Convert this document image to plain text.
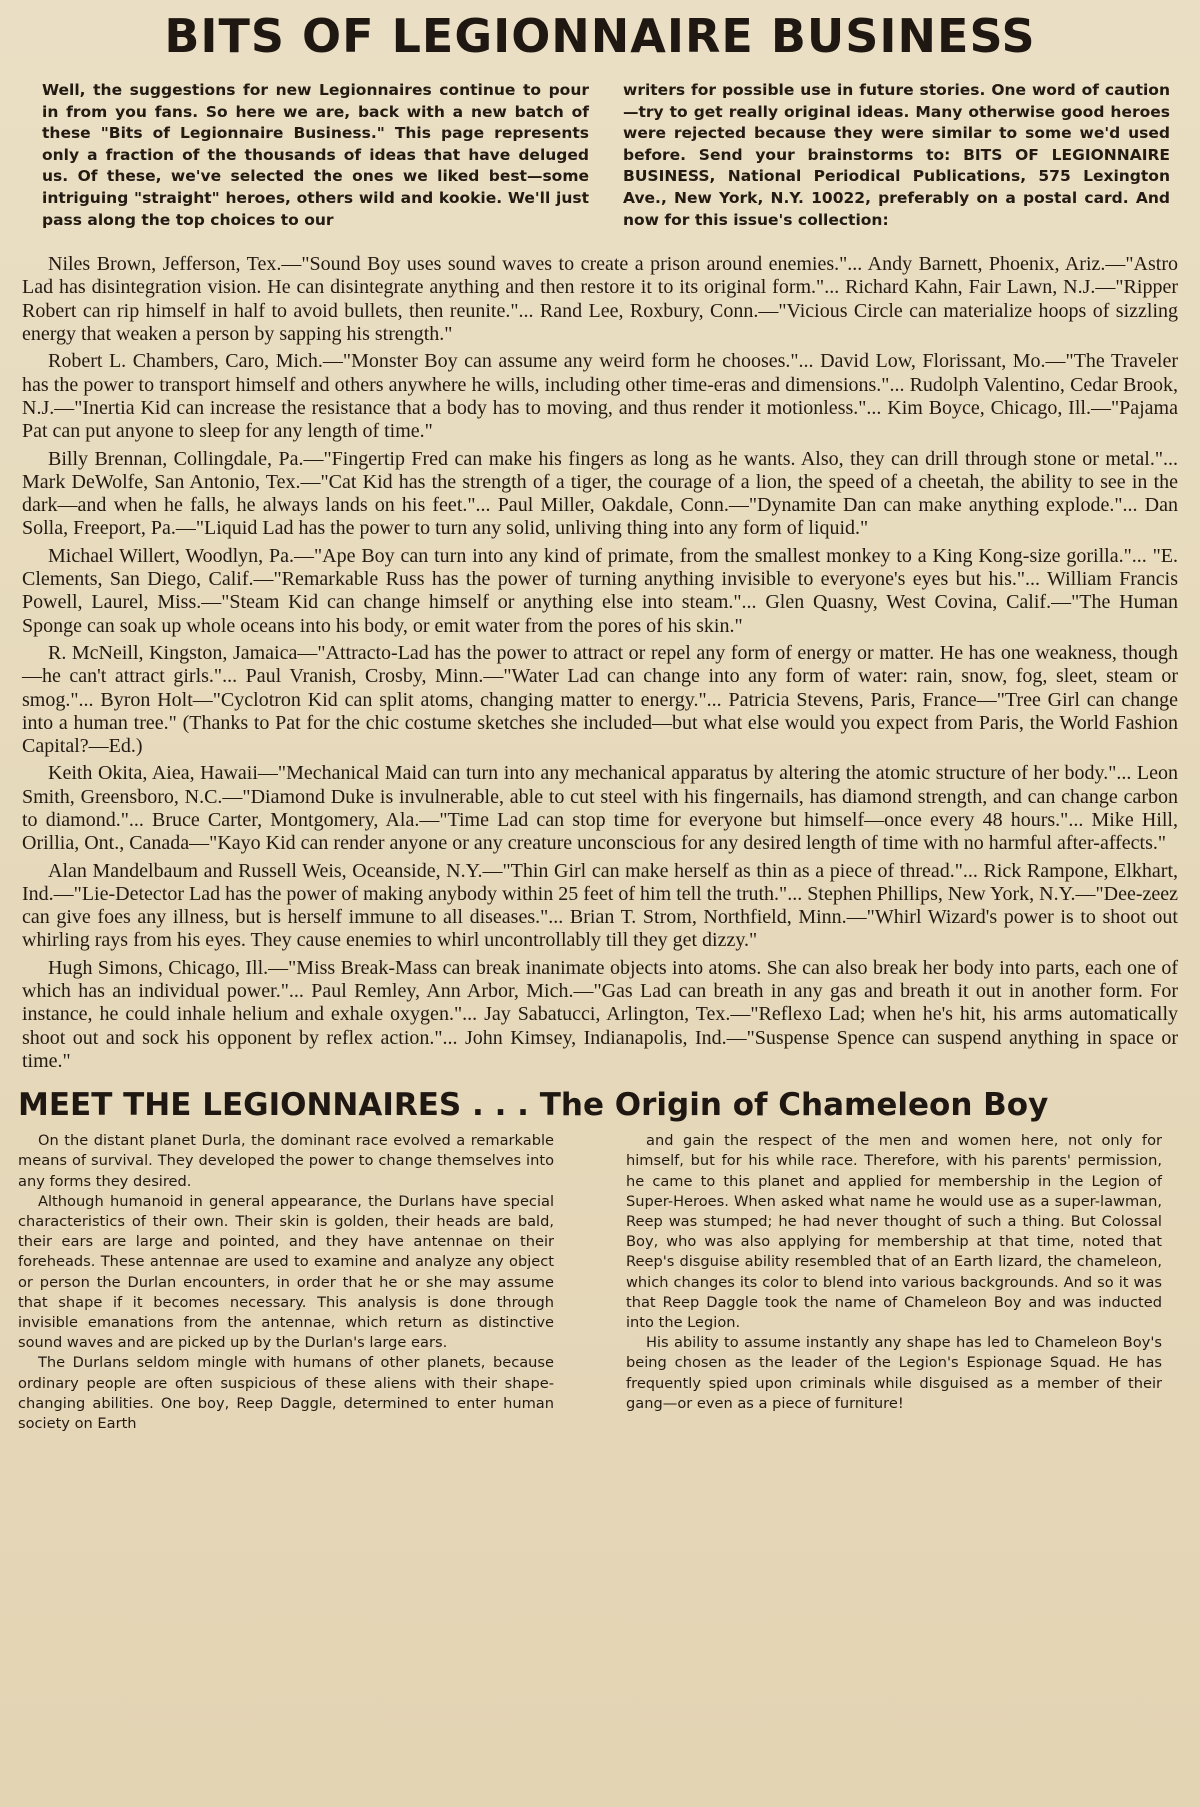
BITS OF LEGIONNAIRE BUSINESS

Well, the suggestions for new Legionnaires continue to pour in from you fans. So here we are, back with a new batch of these "Bits of Legionnaire Business." This page represents only a fraction of the thousands of ideas that have deluged us. Of these, we've selected the ones we liked best—some intriguing "straight" heroes, others wild and kookie. We'll just pass along the top choices to our

writers for possible use in future stories. One word of caution—try to get really original ideas. Many otherwise good heroes were rejected because they were similar to some we'd used before. Send your brainstorms to: BITS OF LEGIONNAIRE BUSINESS, National Periodical Publications, 575 Lexington Ave., New York, N.Y. 10022, preferably on a postal card. And now for this issue's collection:

Niles Brown, Jefferson, Tex.—"Sound Boy uses sound waves to create a prison around enemies."... Andy Barnett, Phoenix, Ariz.—"Astro Lad has disintegration vision. He can disintegrate anything and then restore it to its original form."... Richard Kahn, Fair Lawn, N.J.—"Ripper Robert can rip himself in half to avoid bullets, then reunite."... Rand Lee, Roxbury, Conn.—"Vicious Circle can materialize hoops of sizzling energy that weaken a person by sapping his strength."

Robert L. Chambers, Caro, Mich.—"Monster Boy can assume any weird form he chooses."... David Low, Florissant, Mo.—"The Traveler has the power to transport himself and others anywhere he wills, including other time-eras and dimensions."... Rudolph Valentino, Cedar Brook, N.J.—"Inertia Kid can increase the resistance that a body has to moving, and thus render it motionless."... Kim Boyce, Chicago, Ill.—"Pajama Pat can put anyone to sleep for any length of time."

Billy Brennan, Collingdale, Pa.—"Fingertip Fred can make his fingers as long as he wants. Also, they can drill through stone or metal."... Mark DeWolfe, San Antonio, Tex.—"Cat Kid has the strength of a tiger, the courage of a lion, the speed of a cheetah, the ability to see in the dark—and when he falls, he always lands on his feet."... Paul Miller, Oakdale, Conn.—"Dynamite Dan can make anything explode."... Dan Solla, Freeport, Pa.—"Liquid Lad has the power to turn any solid, unliving thing into any form of liquid."

Michael Willert, Woodlyn, Pa.—"Ape Boy can turn into any kind of primate, from the smallest monkey to a King Kong-size gorilla."... "E. Clements, San Diego, Calif.—"Remarkable Russ has the power of turning anything invisible to everyone's eyes but his."... William Francis Powell, Laurel, Miss.—"Steam Kid can change himself or anything else into steam."... Glen Quasny, West Covina, Calif.—"The Human Sponge can soak up whole oceans into his body, or emit water from the pores of his skin."

R. McNeill, Kingston, Jamaica—"Attracto-Lad has the power to attract or repel any form of energy or matter. He has one weakness, though—he can't attract girls."... Paul Vranish, Crosby, Minn.—"Water Lad can change into any form of water: rain, snow, fog, sleet, steam or smog."... Byron Holt—"Cyclotron Kid can split atoms, changing matter to energy."... Patricia Stevens, Paris, France—"Tree Girl can change into a human tree." (Thanks to Pat for the chic costume sketches she included—but what else would you expect from Paris, the World Fashion Capital?—Ed.)

Keith Okita, Aiea, Hawaii—"Mechanical Maid can turn into any mechanical apparatus by altering the atomic structure of her body."... Leon Smith, Greensboro, N.C.—"Diamond Duke is invulnerable, able to cut steel with his fingernails, has diamond strength, and can change carbon to diamond."... Bruce Carter, Montgomery, Ala.—"Time Lad can stop time for everyone but himself—once every 48 hours."... Mike Hill, Orillia, Ont., Canada—"Kayo Kid can render anyone or any creature unconscious for any desired length of time with no harmful after-affects."

Alan Mandelbaum and Russell Weis, Oceanside, N.Y.—"Thin Girl can make herself as thin as a piece of thread."... Rick Rampone, Elkhart, Ind.—"Lie-Detector Lad has the power of making anybody within 25 feet of him tell the truth."... Stephen Phillips, New York, N.Y.—"Dee-zeez can give foes any illness, but is herself immune to all diseases."... Brian T. Strom, Northfield, Minn.—"Whirl Wizard's power is to shoot out whirling rays from his eyes. They cause enemies to whirl uncontrollably till they get dizzy."

Hugh Simons, Chicago, Ill.—"Miss Break-Mass can break inanimate objects into atoms. She can also break her body into parts, each one of which has an individual power."... Paul Remley, Ann Arbor, Mich.—"Gas Lad can breath in any gas and breath it out in another form. For instance, he could inhale helium and exhale oxygen."... Jay Sabatucci, Arlington, Tex.—"Reflexo Lad; when he's hit, his arms automatically shoot out and sock his opponent by reflex action."... John Kimsey, Indianapolis, Ind.—"Suspense Spence can suspend anything in space or time."

MEET THE LEGIONNAIRES . . . The Origin of Chameleon Boy

On the distant planet Durla, the dominant race evolved a remarkable means of survival. They developed the power to change themselves into any forms they desired.

Although humanoid in general appearance, the Durlans have special characteristics of their own. Their skin is golden, their heads are bald, their ears are large and pointed, and they have antennae on their foreheads. These antennae are used to examine and analyze any object or person the Durlan encounters, in order that he or she may assume that shape if it becomes necessary. This analysis is done through invisible emanations from the antennae, which return as distinctive sound waves and are picked up by the Durlan's large ears.

The Durlans seldom mingle with humans of other planets, because ordinary people are often suspicious of these aliens with their shape-changing abilities. One boy, Reep Daggle, determined to enter human society on Earth

and gain the respect of the men and women here, not only for himself, but for his while race. Therefore, with his parents' permission, he came to this planet and applied for membership in the Legion of Super-Heroes. When asked what name he would use as a super-lawman, Reep was stumped; he had never thought of such a thing. But Colossal Boy, who was also applying for membership at that time, noted that Reep's disguise ability resembled that of an Earth lizard, the chameleon, which changes its color to blend into various backgrounds. And so it was that Reep Daggle took the name of Chameleon Boy and was inducted into the Legion.

His ability to assume instantly any shape has led to Chameleon Boy's being chosen as the leader of the Legion's Espionage Squad. He has frequently spied upon criminals while disguised as a member of their gang—or even as a piece of furniture!
